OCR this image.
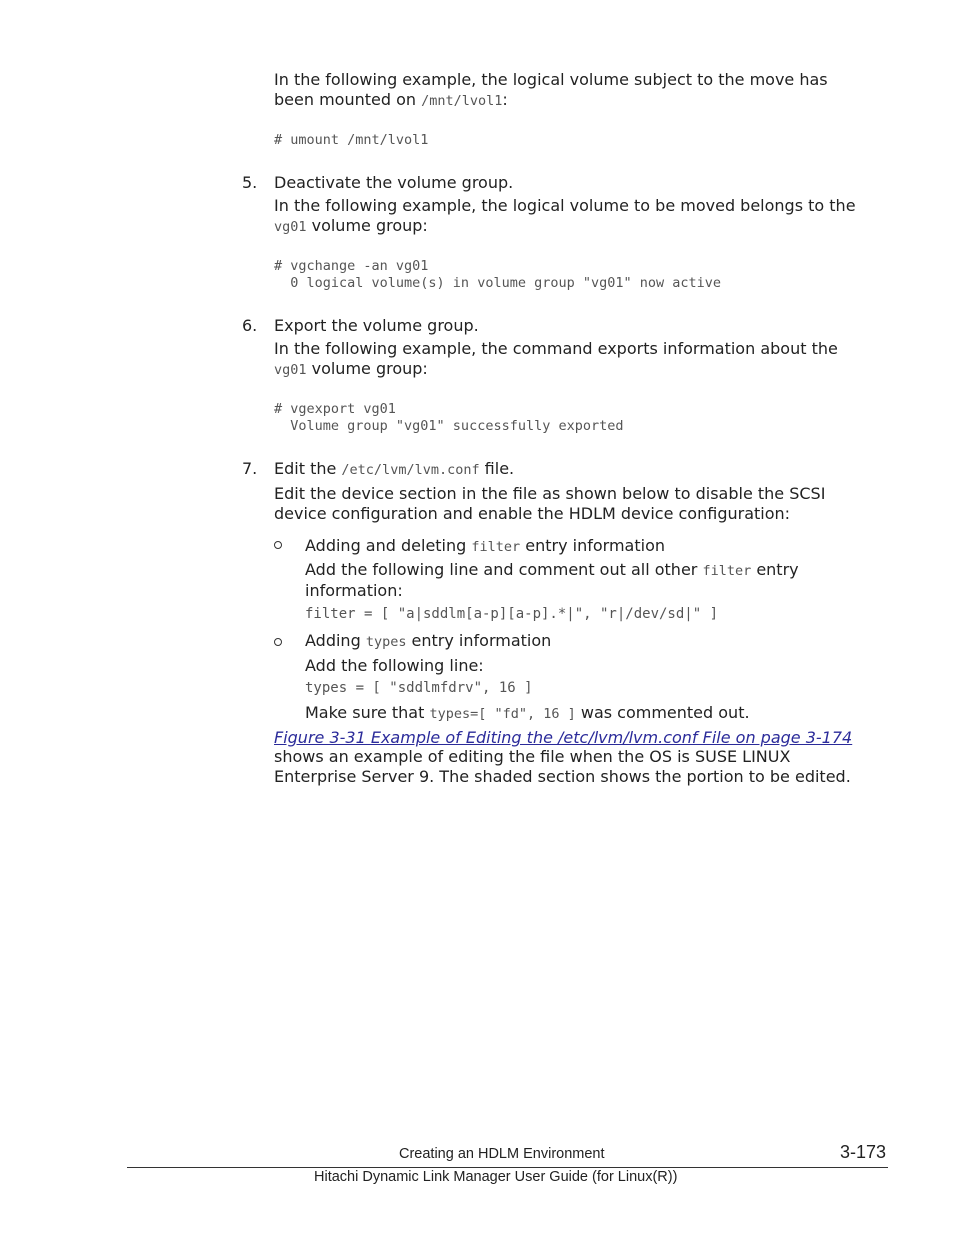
In the following example, the logical volume subject to the move has
been mounted on /mnt/lvol1:
# umount /mnt/lvol1
5. Deactivate the volume group.
In the following example, the logical volume to be moved belongs to the
vg01 volume group:
# vgchange -an vg01
0 logical volume(s) in volume group "vg01" now active
6. Export the volume group.
In the following example, the command exports information about the
vg01 volume group:
# vgexport vg01
Volume group "vg01" successfully exported
7. Edit the /etc/lvm/lvm.conf file.
Edit the device section in the file as shown below to disable the SCSI
device configuration and enable the HDLM device configuration:
Adding and deleting filter entry information
Add the following line and comment out all other filter entry
information:
filter = [ "a|sddlm[a-p][a-p].*|", "r|/dev/sd|" ]
Adding types entry information
Add the following line:
types = [ "sddlmfdrv", 16 ]
Make sure that types=[ "fd", 16 ] was commented out.
Figure 3-31 Example of Editing the /etc/lvm/lvm.conf File on page 3-174
shows an example of editing the file when the OS is SUSE LINUX
Enterprise Server 9. The shaded section shows the portion to be edited.
Creating an HDLM Environment	3-173
Hitachi Dynamic Link Manager User Guide (for Linux(R))
